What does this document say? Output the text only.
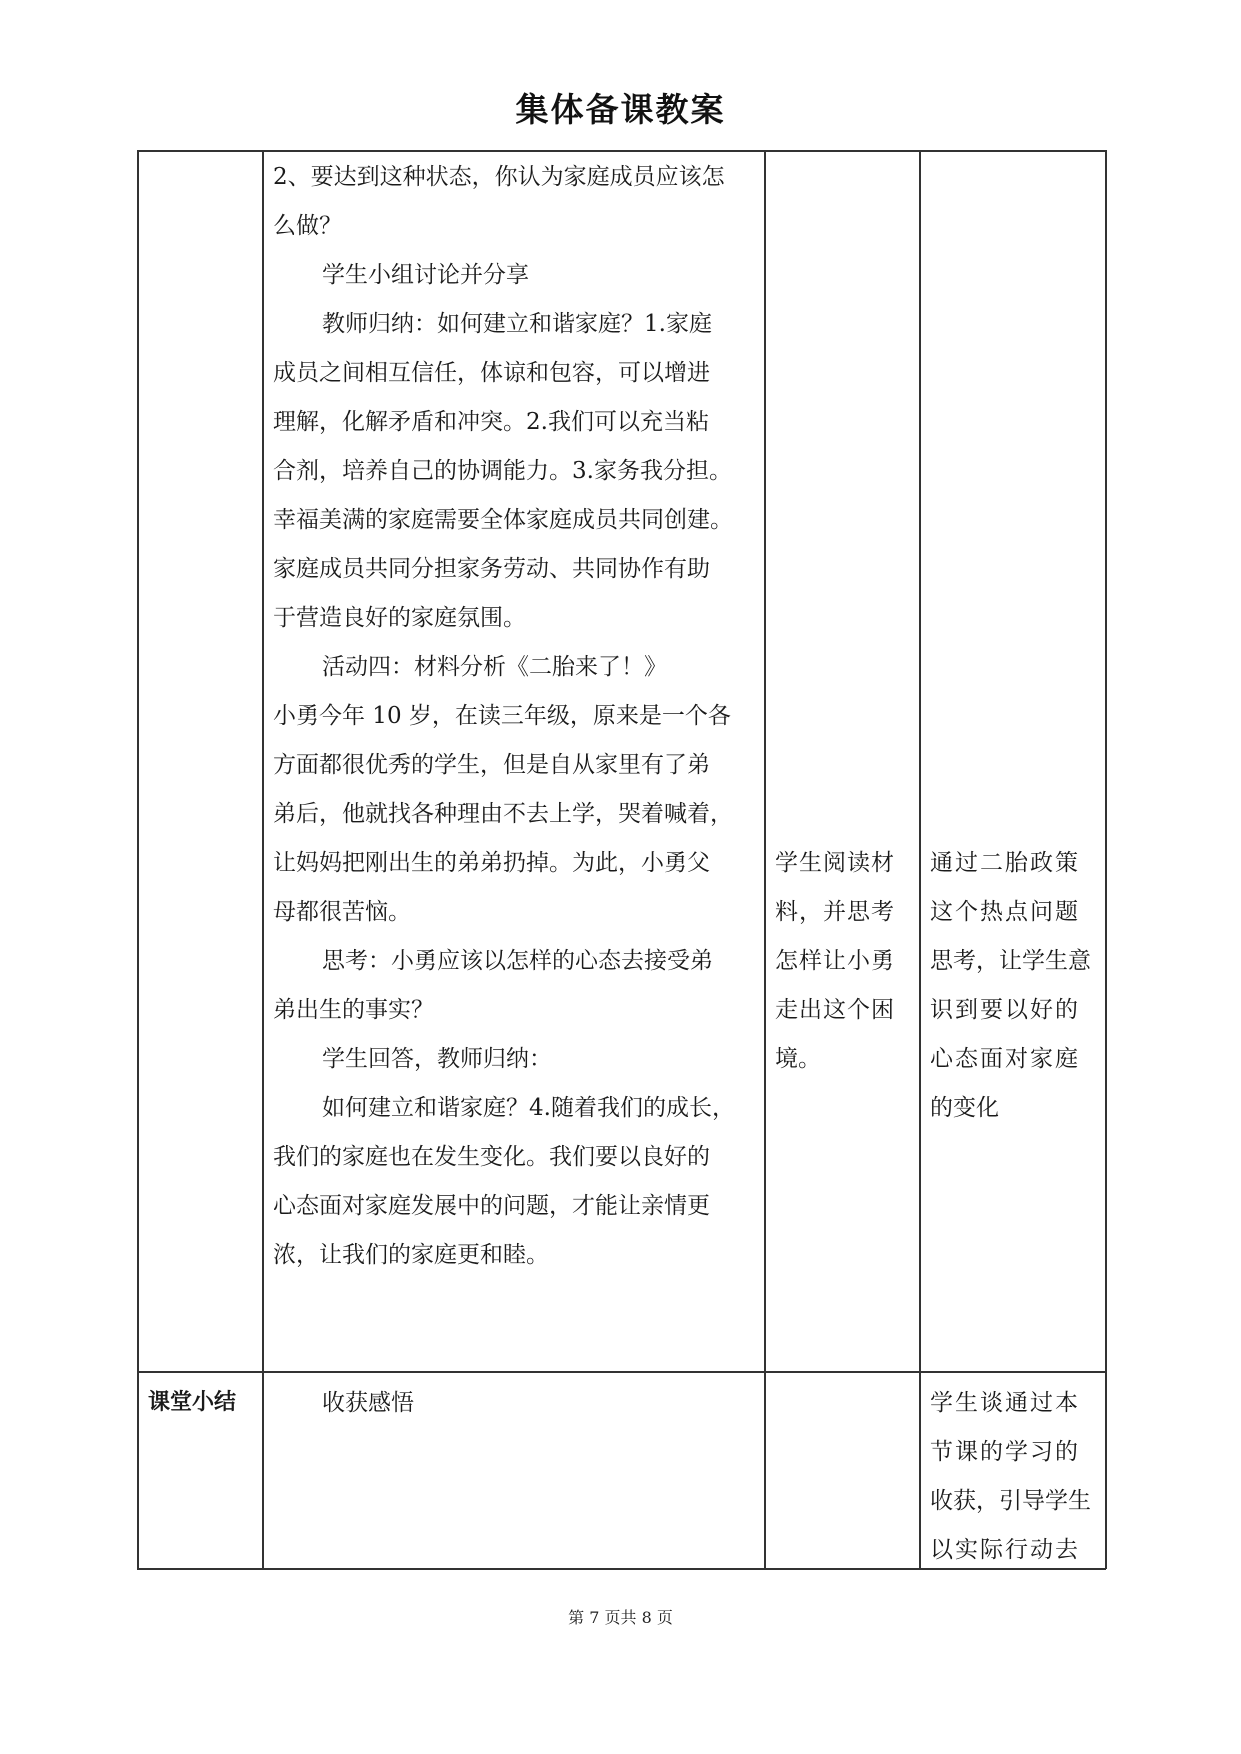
集体备课教案
2、要达到这种状态，你认为家庭成员应该怎
么做？
学生小组讨论并分享
教师归纳：如何建立和谐家庭？1.家庭
成员之间相互信任，体谅和包容，可以增进
理解，化解矛盾和冲突。2.我们可以充当粘
合剂，培养自己的协调能力。3.家务我分担。
幸福美满的家庭需要全体家庭成员共同创建。
家庭成员共同分担家务劳动、共同协作有助
于营造良好的家庭氛围。
活动四：材料分析《二胎来了！》
小勇今年 10 岁，在读三年级，原来是一个各
方面都很优秀的学生，但是自从家里有了弟
弟后，他就找各种理由不去上学，哭着喊着，
让妈妈把刚出生的弟弟扔掉。为此，小勇父
母都很苦恼。
思考：小勇应该以怎样的心态去接受弟
弟出生的事实？
学生回答，教师归纳：
如何建立和谐家庭？4.随着我们的成长，
我们的家庭也在发生变化。我们要以良好的
心态面对家庭发展中的问题，才能让亲情更
浓，让我们的家庭更和睦。
学生阅读材
料，并思考
怎样让小勇
走出这个困
境。
通过二胎政策
这个热点问题
思考，让学生意
识到要以好的
心态面对家庭
的变化
课堂小结	收获感悟	学生谈通过本
节课的学习的
收获，引导学生
以实际行动去
第 7 页共 8 页
